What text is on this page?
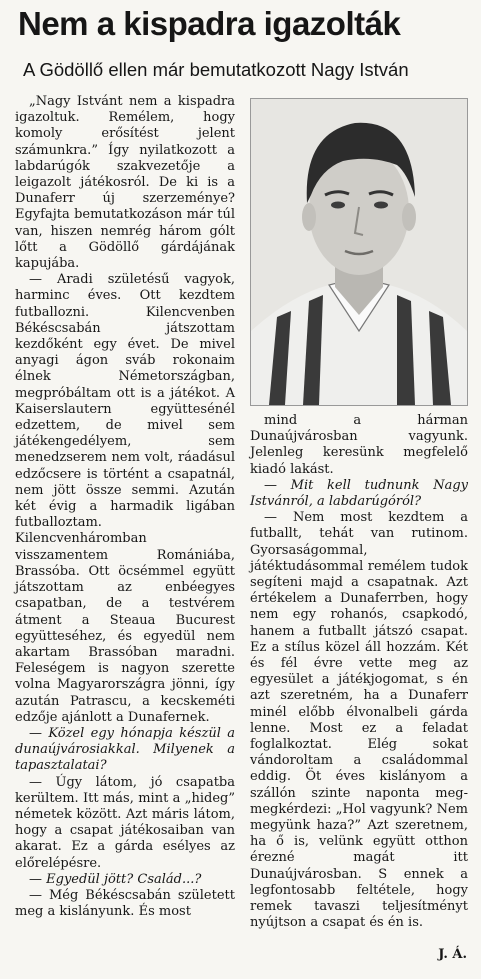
Nem a kispadra igazolták
A Gödöllő ellen már bemutatkozott Nagy István

„Nagy Istvánt nem a kispadra igazoltuk. Remélem, hogy komoly erősítést jelent számunkra.” Így nyilatkozott a labdarúgók szakvezetője a leigazolt játékosról. De ki is a Dunaferr új szerzeménye? Egyfajta bemutatkozáson már túl van, hiszen nemrég három gólt lőtt a Gödöllő gárdájának kapujába.

— Aradi születésű vagyok, harminc éves. Ott kezdtem futballozni. Kilencvenben Békéscsabán játszottam kezdőként egy évet. De mivel anyagi ágon sváb rokonaim élnek Németországban, megpróbáltam ott is a játékot. A Kaiserslautern együttesénél edzettem, de mivel sem játékengedélyem, sem menedzserem nem volt, ráadásul edzőcsere is történt a csapatnál, nem jött össze semmi. Azután két évig a harmadik ligában futballoztam. Kilencvenháromban visszamentem Romániába, Brassóba. Ott öcsémmel együtt játszottam az enbéegyes csapatban, de a testvérem átment a Steaua Bucurest együtteséhez, és egyedül nem akartam Brassóban maradni. Feleségem is nagyon szerette volna Magyarországra jönni, így azután Patrascu, a kecskeméti edzője ajánlott a Dunafernek.

— Közel egy hónapja készül a dunaújvárosiakkal. Milyenek a tapasztalatai?

— Úgy látom, jó csapatba kerültem. Itt más, mint a „hideg” németek között. Azt máris látom, hogy a csapat játékosaiban van akarat. Ez a gárda esélyes az előrelépésre.

— Egyedül jött? Család...?

— Még Békéscsabán született meg a kislányunk. És most

mind a hárman Dunaújvárosban vagyunk. Jelenleg keresünk megfelelő kiadó lakást.

— Mit kell tudnunk Nagy Istvánról, a labdarúgóról?

— Nem most kezdtem a futballt, tehát van rutinom. Gyorsaságommal, játéktudásommal remélem tudok segíteni majd a csapatnak. Azt értékelem a Dunaferrben, hogy nem egy rohanós, csapkodó, hanem a futballt játszó csapat. Ez a stílus közel áll hozzám. Két és fél évre vette meg az egyesület a játékjogomat, s én azt szeretném, ha a Dunaferr minél előbb élvonalbeli gárda lenne. Most ez a feladat foglalkoztat. Elég sokat vándoroltam a családommal eddig. Öt éves kislányom a szállón szinte naponta meg-megkérdezi: „Hol vagyunk? Nem megyünk haza?” Azt szeretnem, ha ő is, velünk együtt otthon érezné magát itt Dunaújvárosban. S ennek a legfontosabb feltétele, hogy remek tavaszi teljesítményt nyújtson a csapat és én is.

J. Á.
